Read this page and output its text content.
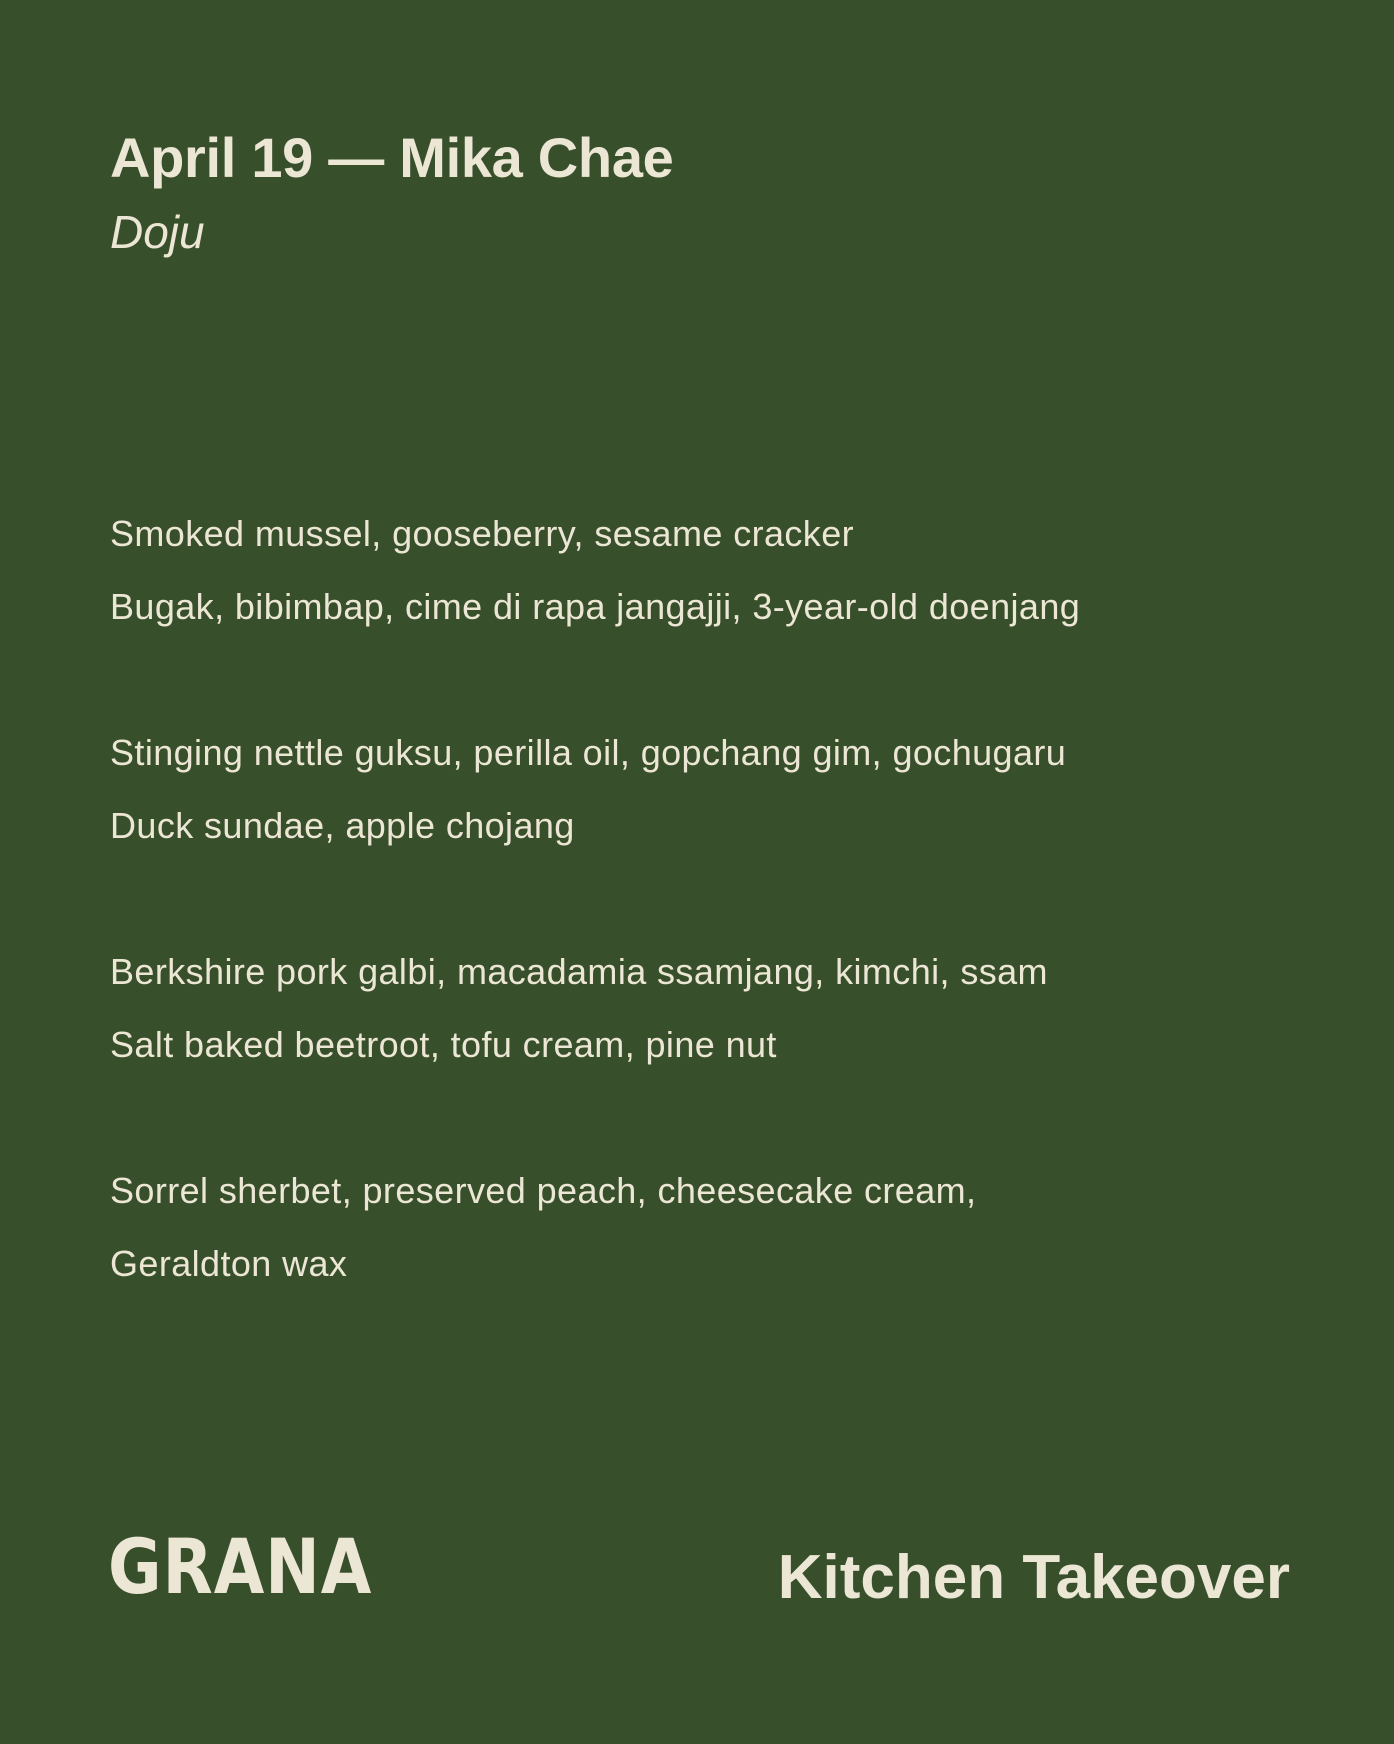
April 19 — Mika Chae
Doju
Smoked mussel, gooseberry, sesame cracker
Bugak, bibimbap, cime di rapa jangajji, 3-year-old doenjang
Stinging nettle guksu, perilla oil, gopchang gim, gochugaru
Duck sundae, apple chojang
Berkshire pork galbi, macadamia ssamjang, kimchi, ssam
Salt baked beetroot, tofu cream, pine nut
Sorrel sherbet, preserved peach, cheesecake cream,
Geraldton wax
GRANA	Kitchen Takeover
